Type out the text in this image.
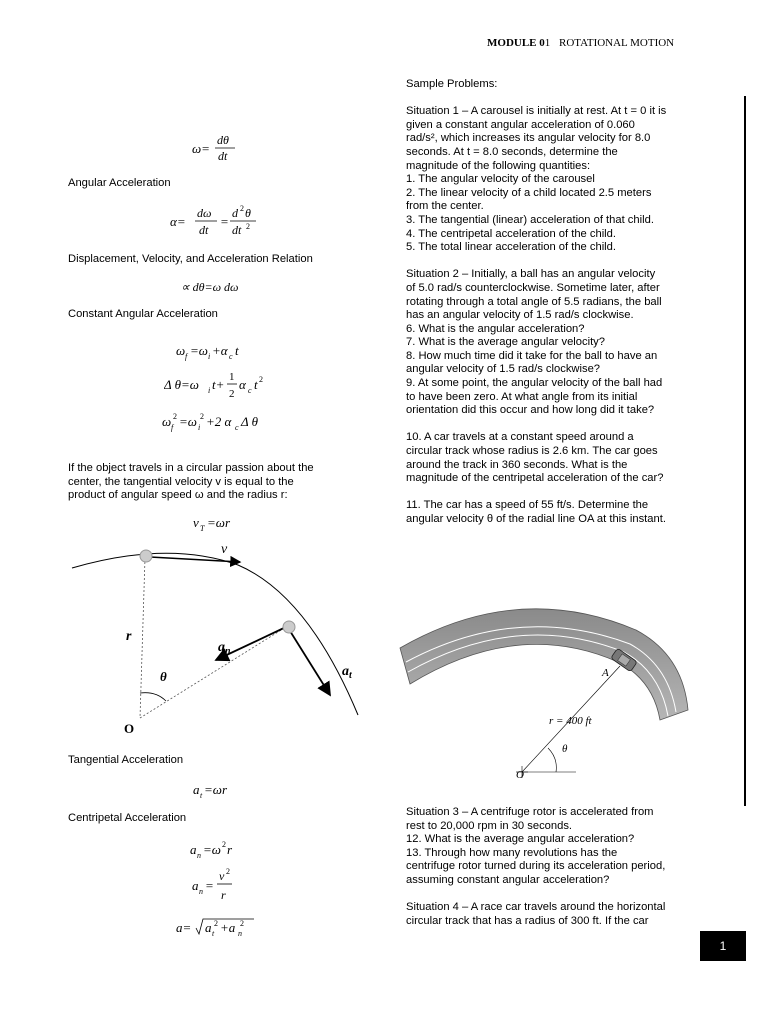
MODULE 01 ROTATIONAL MOTION
ω=
dθ
dt
Angular Acceleration
α=
dω
dt
=
d 2 θ
dt 2
Displacement, Velocity, and Acceleration Relation
∝ dθ=ω dω
Constant Angular Acceleration
ω f =ω i +α c t
Δ θ=ω i t+ 1
2
α c t 2
ω f
2 =ω i
2 +2 α c Δ θ
If the object travels in a circular passion about the
center, the tangential velocity v is equal to the
product of angular speed ω and the radius r:
v T =ωr
v
r
θ
$a_n$
$a_t$
O
Tangential Acceleration
a t =ωr
Centripetal Acceleration
a n =ω 2 r
a n =
v 2
r
a= a t
2 +a n
2

Sample Problems:

Situation 1 – A carousel is initially at rest. At t = 0 it is
given a constant angular acceleration of 0.060
rad/s², which increases its angular velocity for 8.0
seconds. At t = 8.0 seconds, determine the
magnitude of the following quantities:
1. The angular velocity of the carousel
2. The linear velocity of a child located 2.5 meters
from the center.
3. The tangential (linear) acceleration of that child.
4. The centripetal acceleration of the child.
5. The total linear acceleration of the child.
Situation 2 – Initially, a ball has an angular velocity
of 5.0 rad/s counterclockwise. Sometime later, after
rotating through a total angle of 5.5 radians, the ball
has an angular velocity of 1.5 rad/s clockwise.
6. What is the angular acceleration?
7. What is the average angular velocity?
8. How much time did it take for the ball to have an
angular velocity of 1.5 rad/s clockwise?
9. At some point, the angular velocity of the ball had
to have been zero. At what angle from its initial
orientation did this occur and how long did it take?
10. A car travels at a constant speed around a
circular track whose radius is 2.6 km. The car goes
around the track in 360 seconds. What is the
magnitude of the centripetal acceleration of the car?
11. The car has a speed of 55 ft/s. Determine the
angular velocity θ of the radial line OA at this instant.
A
r = 400 ft
θ
O
Situation 3 – A centrifuge rotor is accelerated from
rest to 20,000 rpm in 30 seconds.
12. What is the average angular acceleration?
13. Through how many revolutions has the
centrifuge rotor turned during its acceleration period,
assuming constant angular acceleration?
Situation 4 – A race car travels around the horizontal
circular track that has a radius of 300 ft. If the car
1
